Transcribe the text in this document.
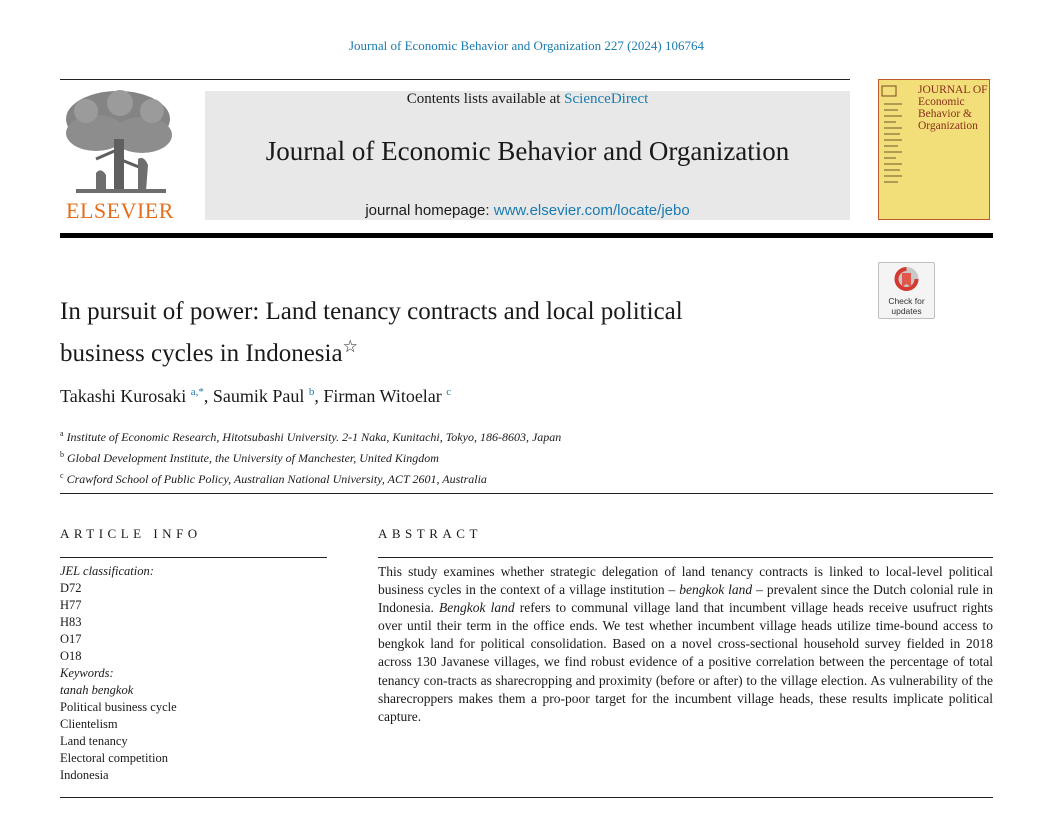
Journal of Economic Behavior and Organization 227 (2024) 106764
ELSEVIER
Contents lists available at ScienceDirect
Journal of Economic Behavior and Organization
journal homepage: www.elsevier.com/locate/jebo
JOURNAL OF Economic Behavior & Organization
In pursuit of power: Land tenancy contracts and local political
business cycles in Indonesia☆
Check for
updates
Takashi Kurosaki $^{a,*}$, Saumik Paul $^b$, Firman Witoelar $^c$
$^a$ Institute of Economic Research, Hitotsubashi University. 2-1 Naka, Kunitachi, Tokyo, 186-8603, Japan
$^b$ Global Development Institute, the University of Manchester, United Kingdom
$^c$ Crawford School of Public Policy, Australian National University, ACT 2601, Australia
ARTICLE INFO
JEL classification:
D72
H77
H83
O17
O18
Keywords:
tanah bengkok
Political business cycle
Clientelism
Land tenancy
Electoral competition
Indonesia
ABSTRACT
This study examines whether strategic delegation of land tenancy contracts is linked to local-level political business cycles in the context of a village institution – bengkok land – prevalent since the Dutch colonial rule in Indonesia. Bengkok land refers to communal village land that incumbent village heads receive usufruct rights over until their term in the office ends. We test whether incumbent village heads utilize time-bound access to bengkok land for political consolidation. Based on a novel cross-sectional household survey fielded in 2018 across 130 Javanese villages, we find robust evidence of a positive correlation between the percentage of total tenancy con-tracts as sharecropping and proximity (before or after) to the village election. As vulnerability of the sharecroppers makes them a pro-poor target for the incumbent village heads, these results implicate political capture.
